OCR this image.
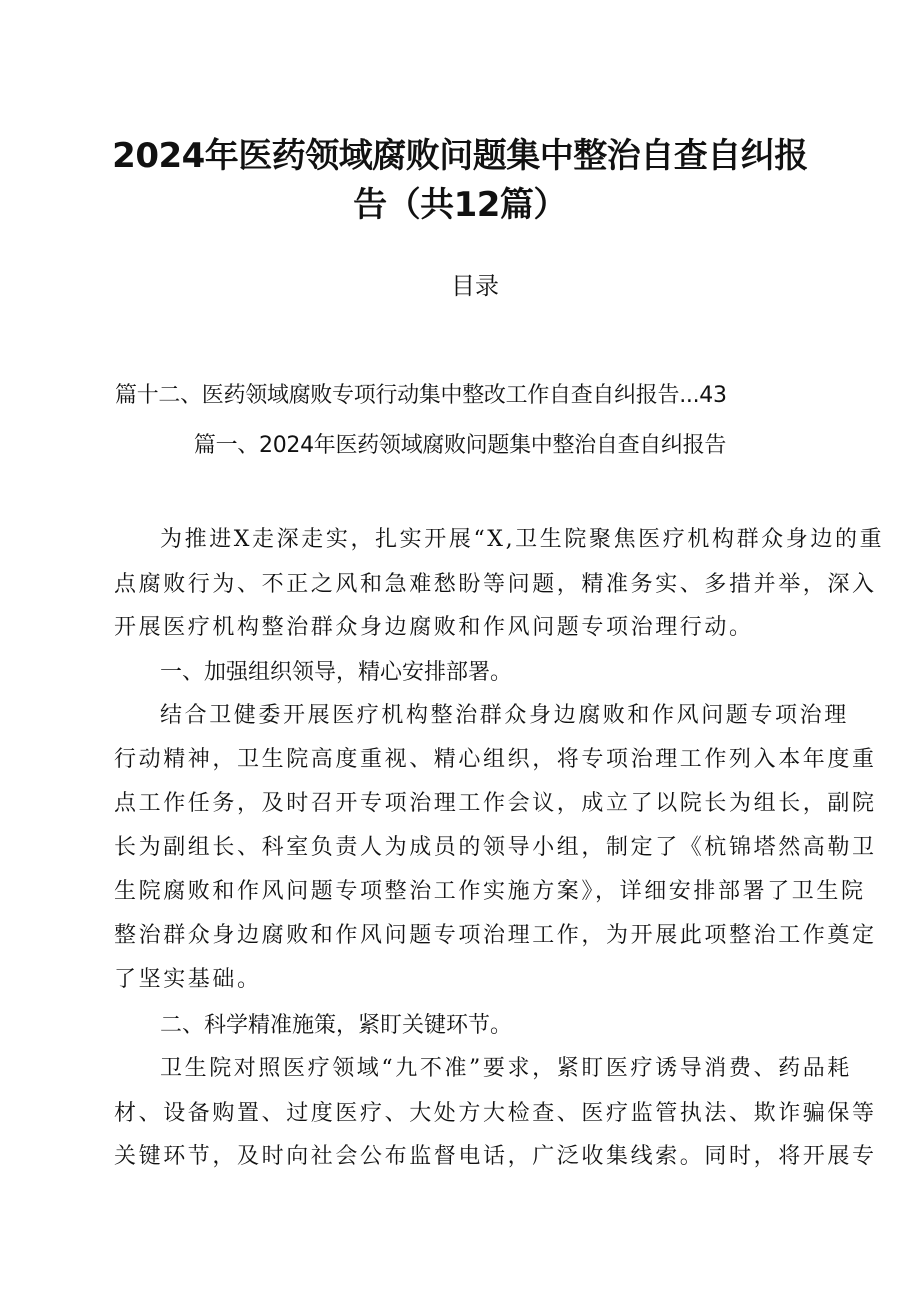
2024年医药领域腐败问题集中整治自查自纠报
告（共12篇）
目录
篇十二、医药领域腐败专项行动集中整改工作自查自纠报告...43
篇一、2024年医药领域腐败问题集中整治自查自纠报告
为推进X走深走实，扎实开展“X,卫生院聚焦医疗机构群众身边的重
点腐败行为、不正之风和急难愁盼等问题，精准务实、多措并举，深入
开展医疗机构整治群众身边腐败和作风问题专项治理行动。
一、加强组织领导，精心安排部署。
结合卫健委开展医疗机构整治群众身边腐败和作风问题专项治理
行动精神，卫生院高度重视、精心组织，将专项治理工作列入本年度重
点工作任务，及时召开专项治理工作会议，成立了以院长为组长，副院
长为副组长、科室负责人为成员的领导小组，制定了《杭锦塔然高勒卫
生院腐败和作风问题专项整治工作实施方案》，详细安排部署了卫生院
整治群众身边腐败和作风问题专项治理工作，为开展此项整治工作奠定
了坚实基础。
二、科学精准施策，紧盯关键环节。
卫生院对照医疗领域“九不准”要求，紧盯医疗诱导消费、药品耗
材、设备购置、过度医疗、大处方大检查、医疗监管执法、欺诈骗保等
关键环节，及时向社会公布监督电话，广泛收集线索。同时，将开展专
